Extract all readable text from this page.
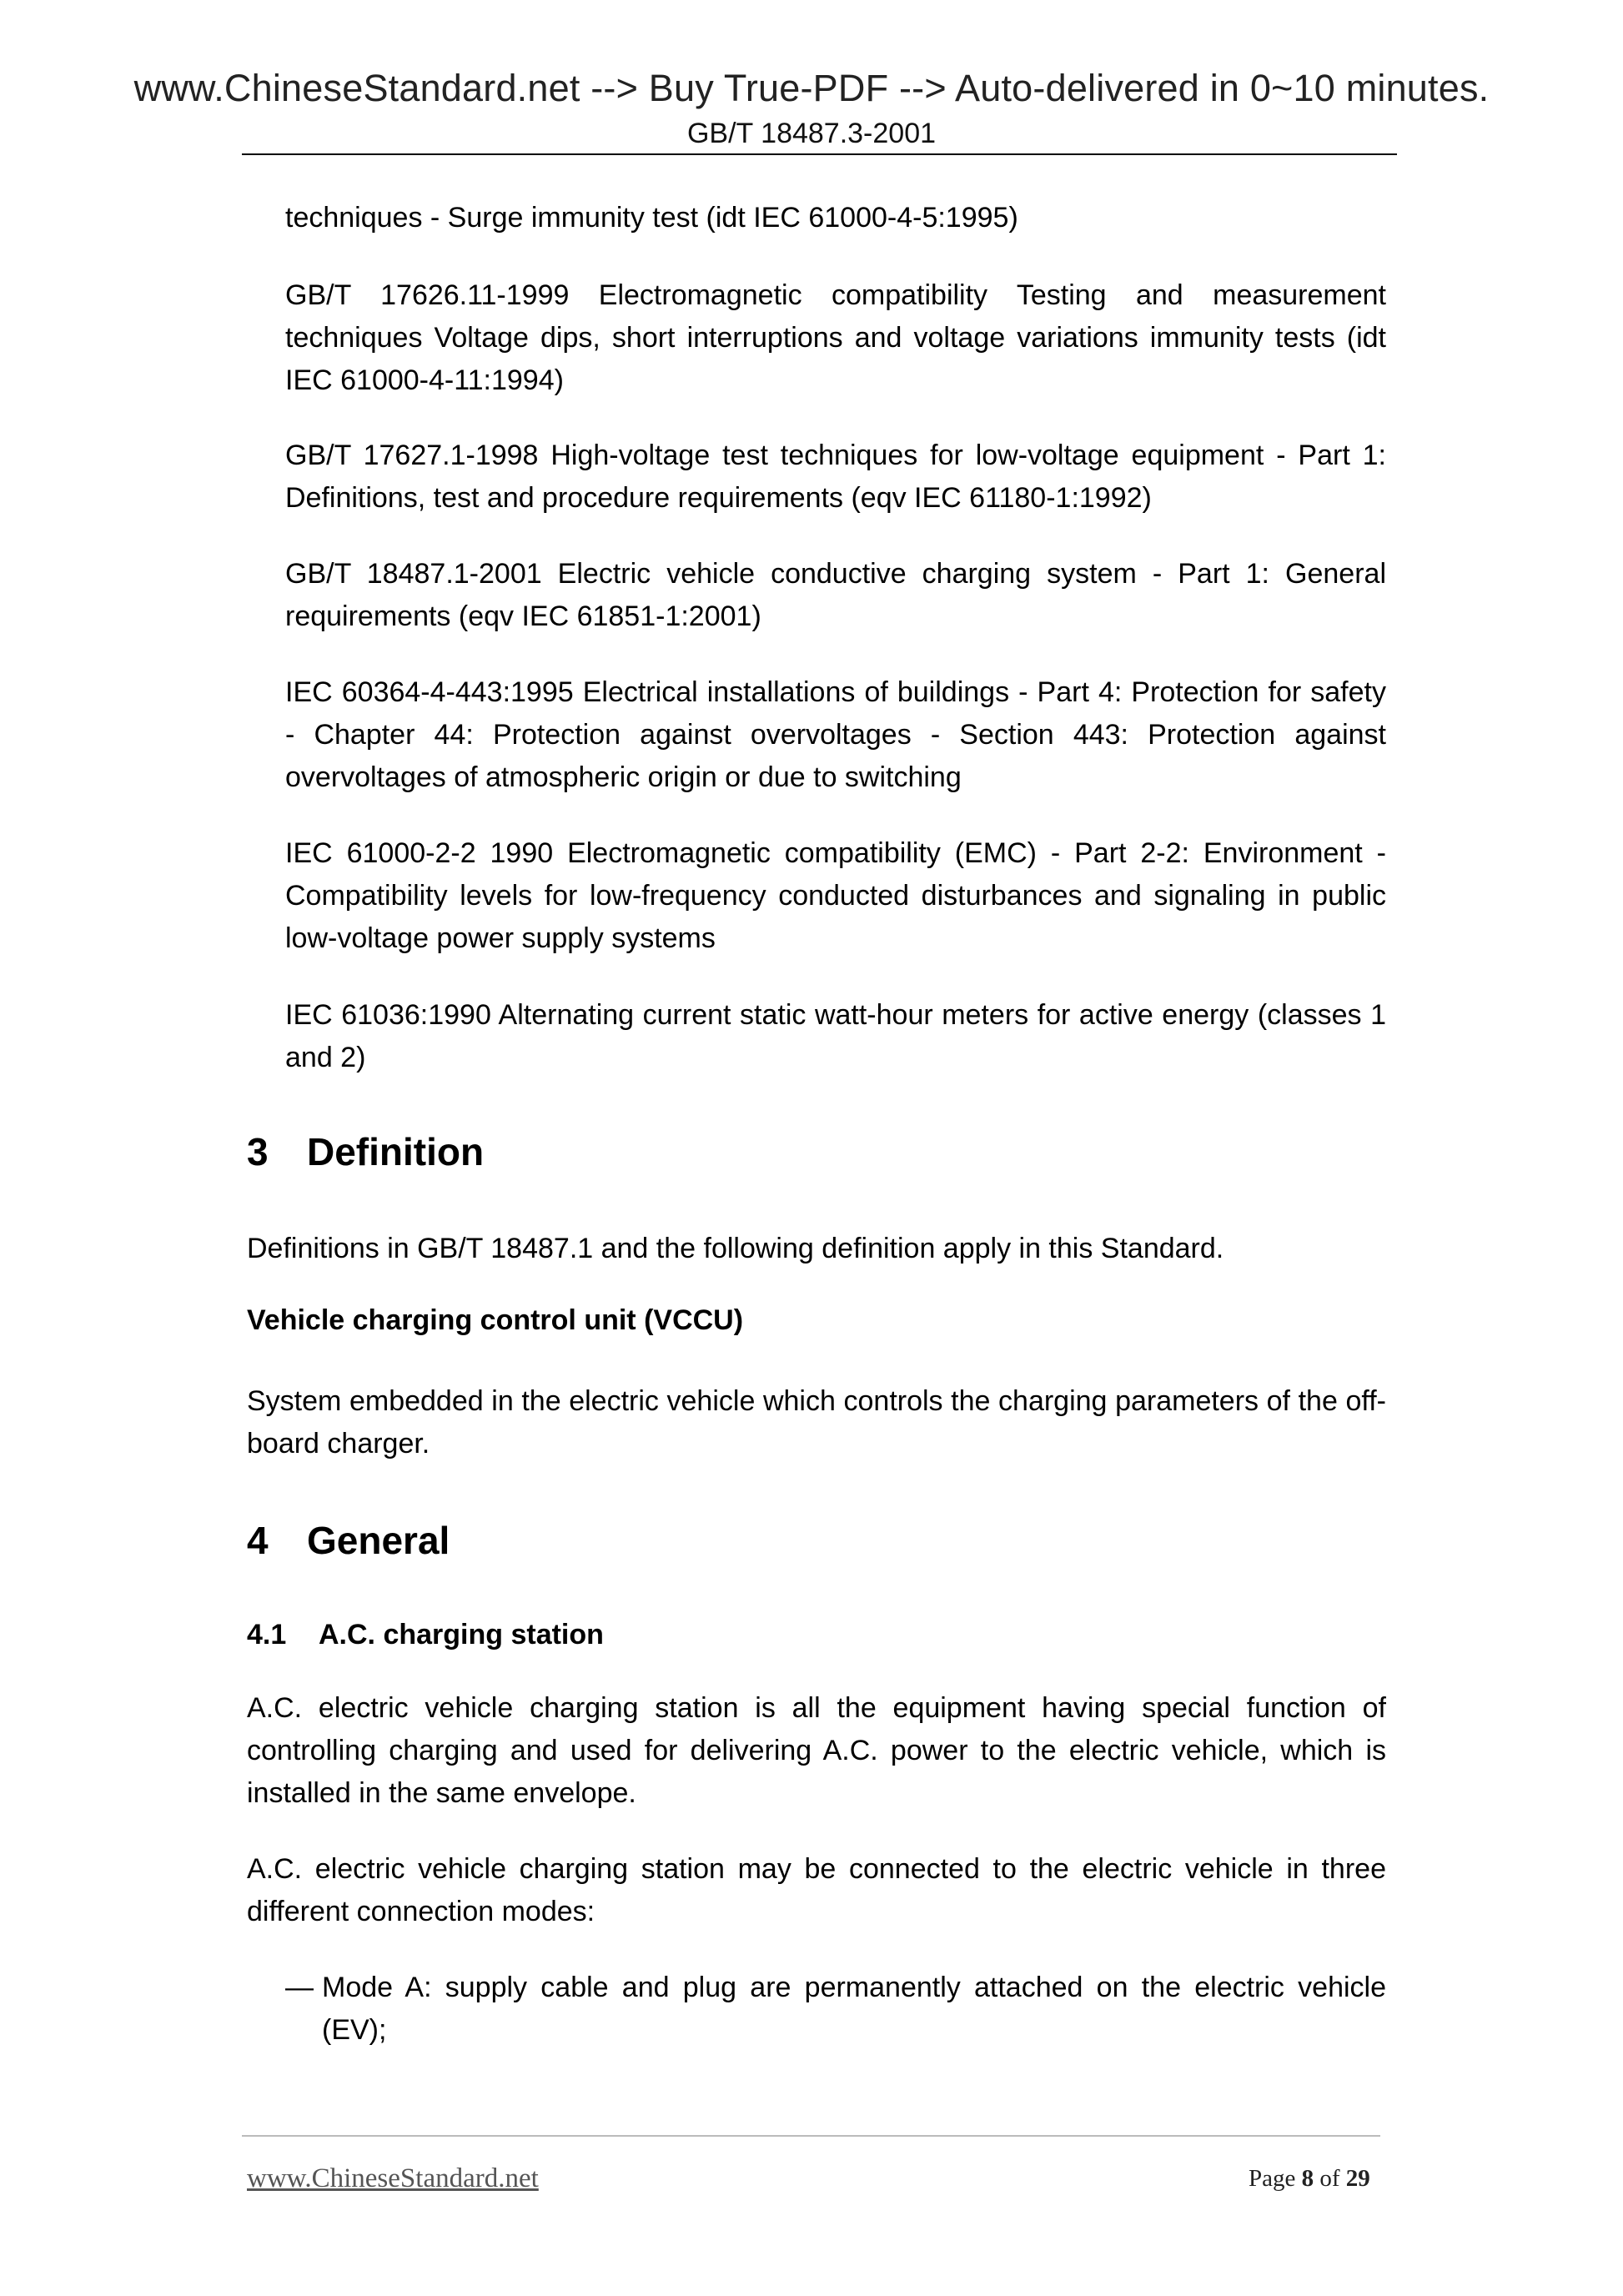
www.ChineseStandard.net --> Buy True-PDF --> Auto-delivered in 0~10 minutes.
GB/T 18487.3-2001
techniques - Surge immunity test (idt IEC 61000-4-5:1995)
GB/T 17626.11-1999 Electromagnetic compatibility Testing and measurement techniques Voltage dips, short interruptions and voltage variations immunity tests (idt IEC 61000-4-11:1994)
GB/T 17627.1-1998 High-voltage test techniques for low-voltage equipment - Part 1: Definitions, test and procedure requirements (eqv IEC 61180-1:1992)
GB/T 18487.1-2001 Electric vehicle conductive charging system - Part 1: General requirements (eqv IEC 61851-1:2001)
IEC 60364-4-443:1995 Electrical installations of buildings - Part 4: Protection for safety - Chapter 44: Protection against overvoltages - Section 443: Protection against overvoltages of atmospheric origin or due to switching
IEC 61000-2-2 1990 Electromagnetic compatibility (EMC) - Part 2-2: Environment - Compatibility levels for low-frequency conducted disturbances and signaling in public low-voltage power supply systems
IEC 61036:1990 Alternating current static watt-hour meters for active energy (classes 1 and 2)
3 Definition
Definitions in GB/T 18487.1 and the following definition apply in this Standard.
Vehicle charging control unit (VCCU)
System embedded in the electric vehicle which controls the charging parameters of the off-board charger.
4 General
4.1 A.C. charging station
A.C. electric vehicle charging station is all the equipment having special function of controlling charging and used for delivering A.C. power to the electric vehicle, which is installed in the same envelope.
A.C. electric vehicle charging station may be connected to the electric vehicle in three different connection modes:
— Mode A: supply cable and plug are permanently attached on the electric vehicle (EV);
www.ChineseStandard.net	Page 8 of 29
